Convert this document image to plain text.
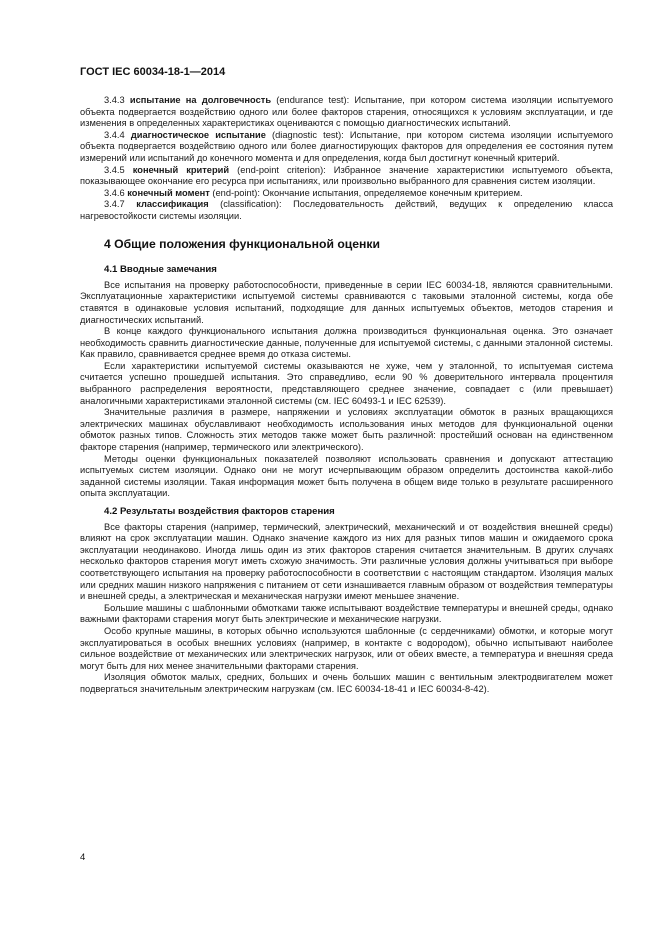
ГОСТ IEC 60034-18-1—2014

3.4.3 испытание на долговечность (endurance test): Испытание, при котором система изоляции испытуемого объекта подвергается воздействию одного или более факторов старения, относящихся к условиям эксплуатации, и где изменения в определенных характеристиках оцениваются с помощью диагностических испытаний.

3.4.4 диагностическое испытание (diagnostic test): Испытание, при котором система изоляции испытуемого объекта подвергается воздействию одного или более диагностирующих факторов для определения ее состояния путем измерений или испытаний до конечного момента и для определения, когда был достигнут конечный критерий.

3.4.5 конечный критерий (end-point criterion): Избранное значение характеристики испытуемого объекта, показывающее окончание его ресурса при испытаниях, или произвольно выбранного для сравнения систем изоляции.

3.4.6 конечный момент (end-point): Окончание испытания, определяемое конечным критерием.

3.4.7 классификация (classification): Последовательность действий, ведущих к определению класса нагревостойкости системы изоляции.

4 Общие положения функциональной оценки
4.1 Вводные замечания

Все испытания на проверку работоспособности, приведенные в серии IEC 60034-18, являются сравнительными. Эксплуатационные характеристики испытуемой системы сравниваются с таковыми эталонной системы, когда обе ставятся в одинаковые условия испытаний, подходящие для данных испытуемых объектов, методов старения и диагностических испытаний.

В конце каждого функционального испытания должна производиться функциональная оценка. Это означает необходимость сравнить диагностические данные, полученные для испытуемой системы, с данными эталонной системы. Как правило, сравнивается среднее время до отказа системы.

Если характеристики испытуемой системы оказываются не хуже, чем у эталонной, то испытуемая система считается успешно прошедшей испытания. Это справедливо, если 90 % доверительного интервала процентиля выбранного распределения вероятности, представляющего среднее значение, совпадает с (или превышает) аналогичными характеристиками эталонной системы (см. IEC 60493-1 и IEC 62539).

Значительные различия в размере, напряжении и условиях эксплуатации обмоток в разных вращающихся электрических машинах обуславливают необходимость использования иных методов для функциональной оценки обмоток разных типов. Сложность этих методов также может быть различной: простейший основан на единственном факторе старения (например, термического или электрического).

Методы оценки функциональных показателей позволяют использовать сравнения и допускают аттестацию испытуемых систем изоляции. Однако они не могут исчерпывающим образом определить достоинства какой-либо заданной системы изоляции. Такая информация может быть получена в общем виде только в результате расширенного опыта эксплуатации.

4.2 Результаты воздействия факторов старения

Все факторы старения (например, термический, электрический, механический и от воздействия внешней среды) влияют на срок эксплуатации машин. Однако значение каждого из них для разных типов машин и ожидаемого срока эксплуатации неодинаково. Иногда лишь один из этих факторов старения считается значительным. В других случаях несколько факторов старения могут иметь схожую значимость. Эти различные условия должны учитываться при выборе соответствующего испытания на проверку работоспособности в соответствии с настоящим стандартом. Изоляция малых или средних машин низкого напряжения с питанием от сети изнашивается главным образом от воздействия температуры и внешней среды, а электрическая и механическая нагрузки имеют меньшее значение.

Большие машины с шаблонными обмотками также испытывают воздействие температуры и внешней среды, однако важными факторами старения могут быть электрические и механические нагрузки.

Особо крупные машины, в которых обычно используются шаблонные (с сердечниками) обмотки, и которые могут эксплуатироваться в особых внешних условиях (например, в контакте с водородом), обычно испытывают наиболее сильное воздействие от механических или электрических нагрузок, или от обеих вместе, а температура и внешняя среда могут быть для них менее значительными факторами старения.

Изоляция обмоток малых, средних, больших и очень больших машин с вентильным электродвигателем может подвергаться значительным электрическим нагрузкам (см. IEC 60034-18-41 и IEC 60034-8-42).

4
